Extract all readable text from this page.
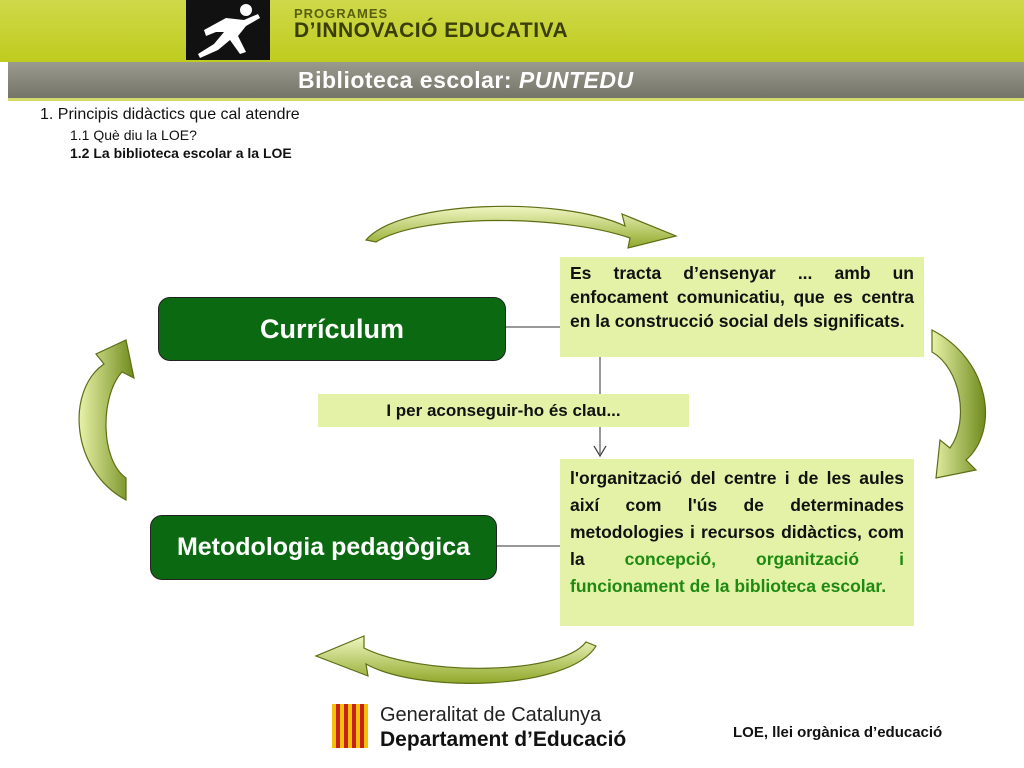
PROGRAMES
D’INNOVACIÓ EDUCATIVA
Biblioteca escolar: PUNTEDU
1. Principis didàctics que cal atendre
1.1 Què diu la LOE?
1.2 La biblioteca escolar a la LOE
Currículum
Metodologia pedagògica
Es tracta d’ensenyar ... amb un enfocament comunicatiu, que es centra en la construcció social dels significats.
I per aconseguir-ho és clau...
l'organització del centre i de les aules així com l'ús de determinades metodologies i recursos didàctics, com la concepció, organització i funcionament de la biblioteca escolar.
Generalitat de Catalunya
Departament d’Educació	LOE, llei orgànica d’educació
